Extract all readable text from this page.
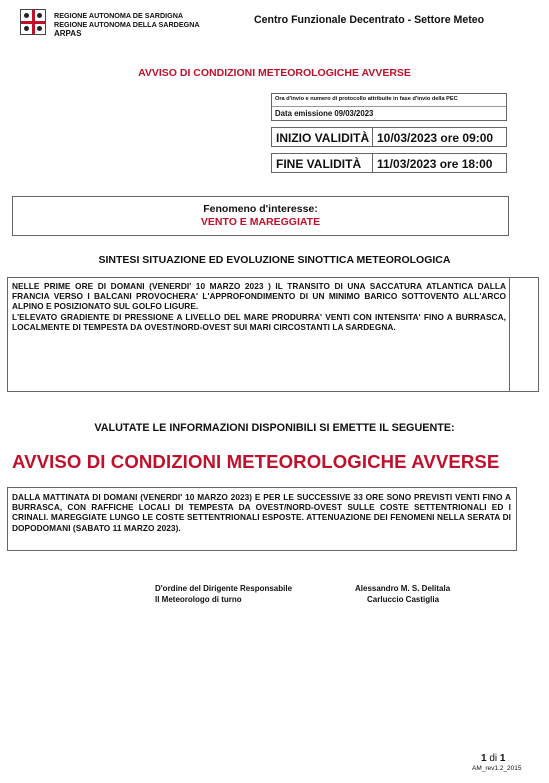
REGIONE AUTONOMA DE SARDIGNA
REGIONE AUTONOMA DELLA SARDEGNA
ARPAS
Centro Funzionale Decentrato - Settore Meteo
AVVISO DI CONDIZIONI METEOROLOGICHE AVVERSE
Ora d'invio e numero di protocollo attribuite in fase d'invio della PEC
Data emissione 09/03/2023
INIZIO VALIDITÀ 10/03/2023 ore 09:00
FINE VALIDITÀ 11/03/2023 ore 18:00
Fenomeno d'interesse:
VENTO E MAREGGIATE
SINTESI SITUAZIONE ED EVOLUZIONE SINOTTICA METEOROLOGICA
NELLE PRIME ORE DI DOMANI (VENERDI' 10 MARZO 2023 ) IL TRANSITO DI UNA SACCATURA ATLANTICA DALLA FRANCIA VERSO I BALCANI PROVOCHERA' L'APPROFONDIMENTO DI UN MINIMO BARICO SOTTOVENTO ALL'ARCO ALPINO E POSIZIONATO SUL GOLFO LIGURE.
L'ELEVATO GRADIENTE DI PRESSIONE A LIVELLO DEL MARE PRODURRA' VENTI CON INTENSITA' FINO A BURRASCA, LOCALMENTE DI TEMPESTA DA OVEST/NORD-OVEST SUI MARI CIRCOSTANTI LA SARDEGNA.
VALUTATE LE INFORMAZIONI DISPONIBILI SI EMETTE IL SEGUENTE:
AVVISO DI CONDIZIONI METEOROLOGICHE AVVERSE
DALLA MATTINATA DI DOMANI (VENERDI' 10 MARZO 2023) E PER LE SUCCESSIVE 33 ORE SONO PREVISTI VENTI FINO A BURRASCA, CON RAFFICHE LOCALI DI TEMPESTA DA OVEST/NORD-OVEST SULLE COSTE SETTENTRIONALI ED I CRINALI. MAREGGIATE LUNGO LE COSTE SETTENTRIONALI ESPOSTE. ATTENUAZIONE DEI FENOMENI NELLA SERATA DI DOPODOMANI (SABATO 11 MARZO 2023).
D'ordine del Dirigente Responsabile
Il Meteorologo di turno
Alessandro M. S. Delitala
Carluccio Castiglia
1 di 1
AM_rev1.2_2015
